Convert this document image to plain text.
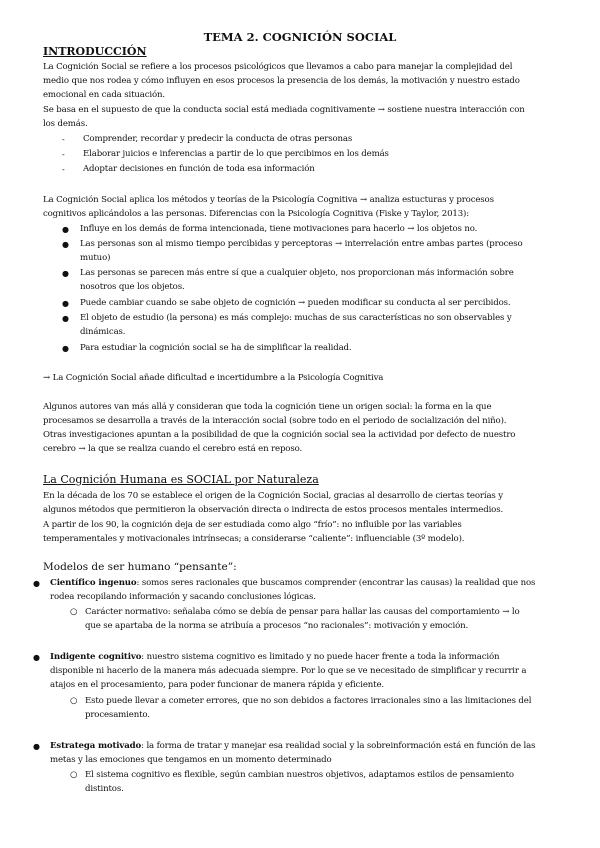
TEMA 2. COGNICIÓN SOCIAL
INTRODUCCIÓN
La Cognición Social se refiere a los procesos psicológicos que llevamos a cabo para manejar la complejidad del
medio que nos rodea y cómo influyen en esos procesos la presencia de los demás, la motivación y nuestro estado
emocional en cada situación.
Se basa en el supuesto de que la conducta social está mediada cognitivamente → sostiene nuestra interacción con
los demás.
- Comprender, recordar y predecir la conducta de otras personas
- Elaborar juicios e inferencias a partir de lo que percibimos en los demás
- Adoptar decisiones en función de toda esa información
La Cognición Social aplica los métodos y teorías de la Psicología Cognitiva → analiza estucturas y procesos
cognitivos aplicándolos a las personas. Diferencias con la Psicología Cognitiva (Fiske y Taylor, 2013):
● Influye en los demás de forma intencionada, tiene motivaciones para hacerlo → los objetos no.
● Las personas son al mismo tiempo percibidas y perceptoras → interrelación entre ambas partes (proceso
mutuo)
● Las personas se parecen más entre sí que a cualquier objeto, nos proporcionan más información sobre
nosotros que los objetos.
● Puede cambiar cuando se sabe objeto de cognición → pueden modificar su conducta al ser percibidos.
● El objeto de estudio (la persona) es más complejo: muchas de sus características no son observables y
dinámicas.
● Para estudiar la cognición social se ha de simplificar la realidad.
→ La Cognición Social añade dificultad e incertidumbre a la Psicología Cognitiva
Algunos autores van más allá y consideran que toda la cognición tiene un origen social: la forma en la que
procesamos se desarrolla a través de la interacción social (sobre todo en el periodo de socialización del niño).
Otras investigaciones apuntan a la posibilidad de que la cognición social sea la actividad por defecto de nuestro
cerebro → la que se realiza cuando el cerebro está en reposo.
La Cognición Humana es SOCIAL por Naturaleza
En la década de los 70 se establece el origen de la Cognición Social, gracias al desarrollo de ciertas teorías y
algunos métodos que permitieron la observación directa o indirecta de estos procesos mentales intermedios.
A partir de los 90, la cognición deja de ser estudiada como algo “frío”: no influible por las variables
temperamentales y motivacionales intrínsecas; a considerarse “caliente”: influenciable (3º modelo).
Modelos de ser humano “pensante”:
● Científico ingenuo: somos seres racionales que buscamos comprender (encontrar las causas) la realidad que nos
rodea recopilando información y sacando conclusiones lógicas.
○ Carácter normativo: señalaba cómo se debía de pensar para hallar las causas del comportamiento → lo
que se apartaba de la norma se atribuía a procesos “no racionales”: motivación y emoción.
● Indigente cognitivo: nuestro sistema cognitivo es limitado y no puede hacer frente a toda la información
disponible ni hacerlo de la manera más adecuada siempre. Por lo que se ve necesitado de simplificar y recurrir a
atajos en el procesamiento, para poder funcionar de manera rápida y eficiente.
○ Esto puede llevar a cometer errores, que no son debidos a factores irracionales sino a las limitaciones del
procesamiento.
● Estratega motivado: la forma de tratar y manejar esa realidad social y la sobreinformación está en función de las
metas y las emociones que tengamos en un momento determinado
○ El sistema cognitivo es flexible, según cambian nuestros objetivos, adaptamos estilos de pensamiento
distintos.
